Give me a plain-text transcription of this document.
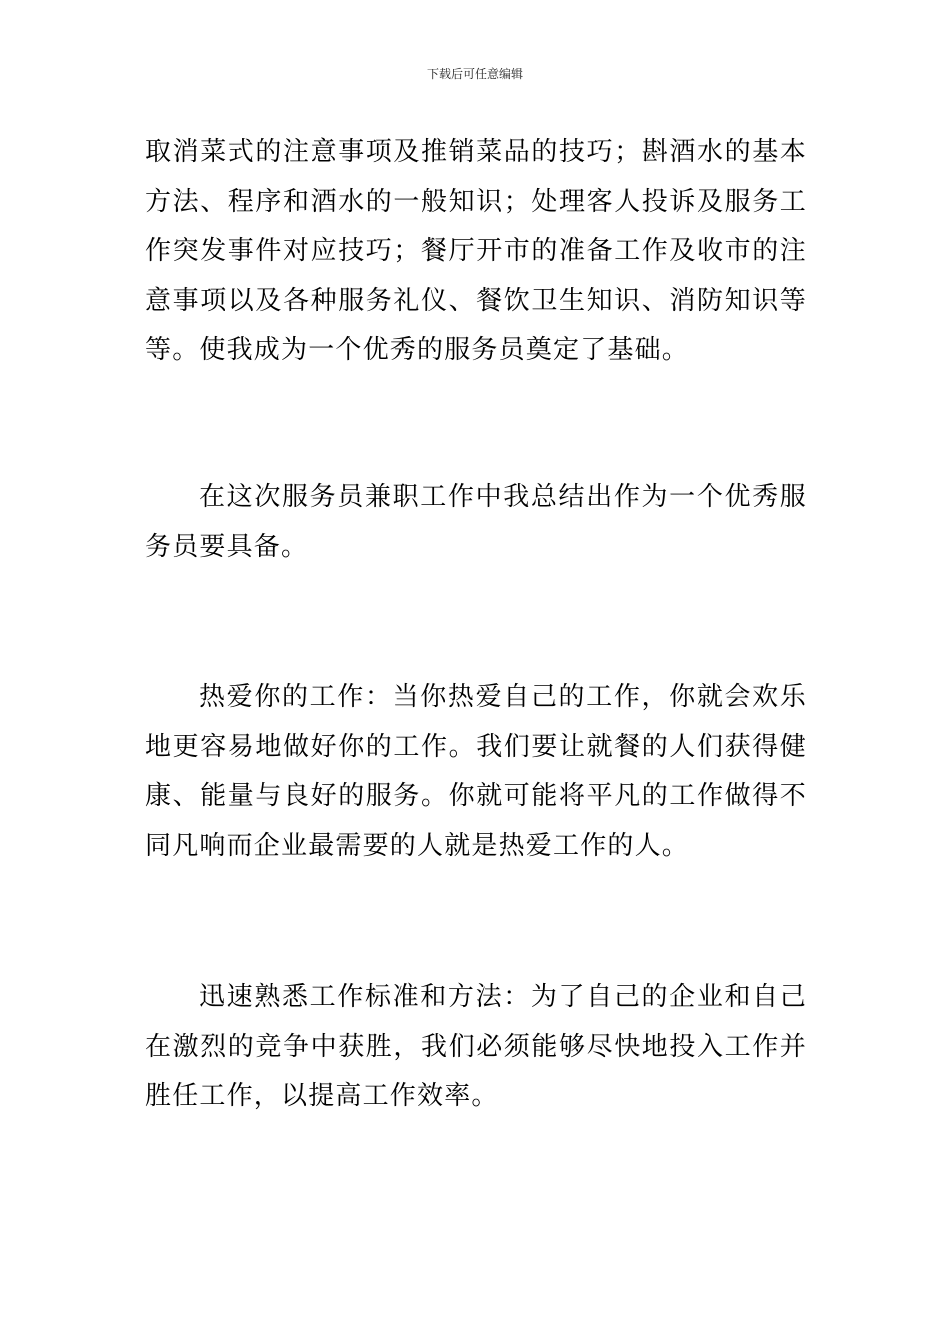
下载后可任意编辑

取消菜式的注意事项及推销菜品的技巧；斟酒水的基本方法、程序和酒水的一般知识；处理客人投诉及服务工作突发事件对应技巧；餐厅开市的准备工作及收市的注意事项以及各种服务礼仪、餐饮卫生知识、消防知识等等。使我成为一个优秀的服务员奠定了基础。

在这次服务员兼职工作中我总结出作为一个优秀服务员要具备。

热爱你的工作：当你热爱自己的工作，你就会欢乐地更容易地做好你的工作。我们要让就餐的人们获得健康、能量与良好的服务。你就可能将平凡的工作做得不同凡响而企业最需要的人就是热爱工作的人。

迅速熟悉工作标准和方法：为了自己的企业和自己在激烈的竞争中获胜，我们必须能够尽快地投入工作并胜任工作，以提高工作效率。
